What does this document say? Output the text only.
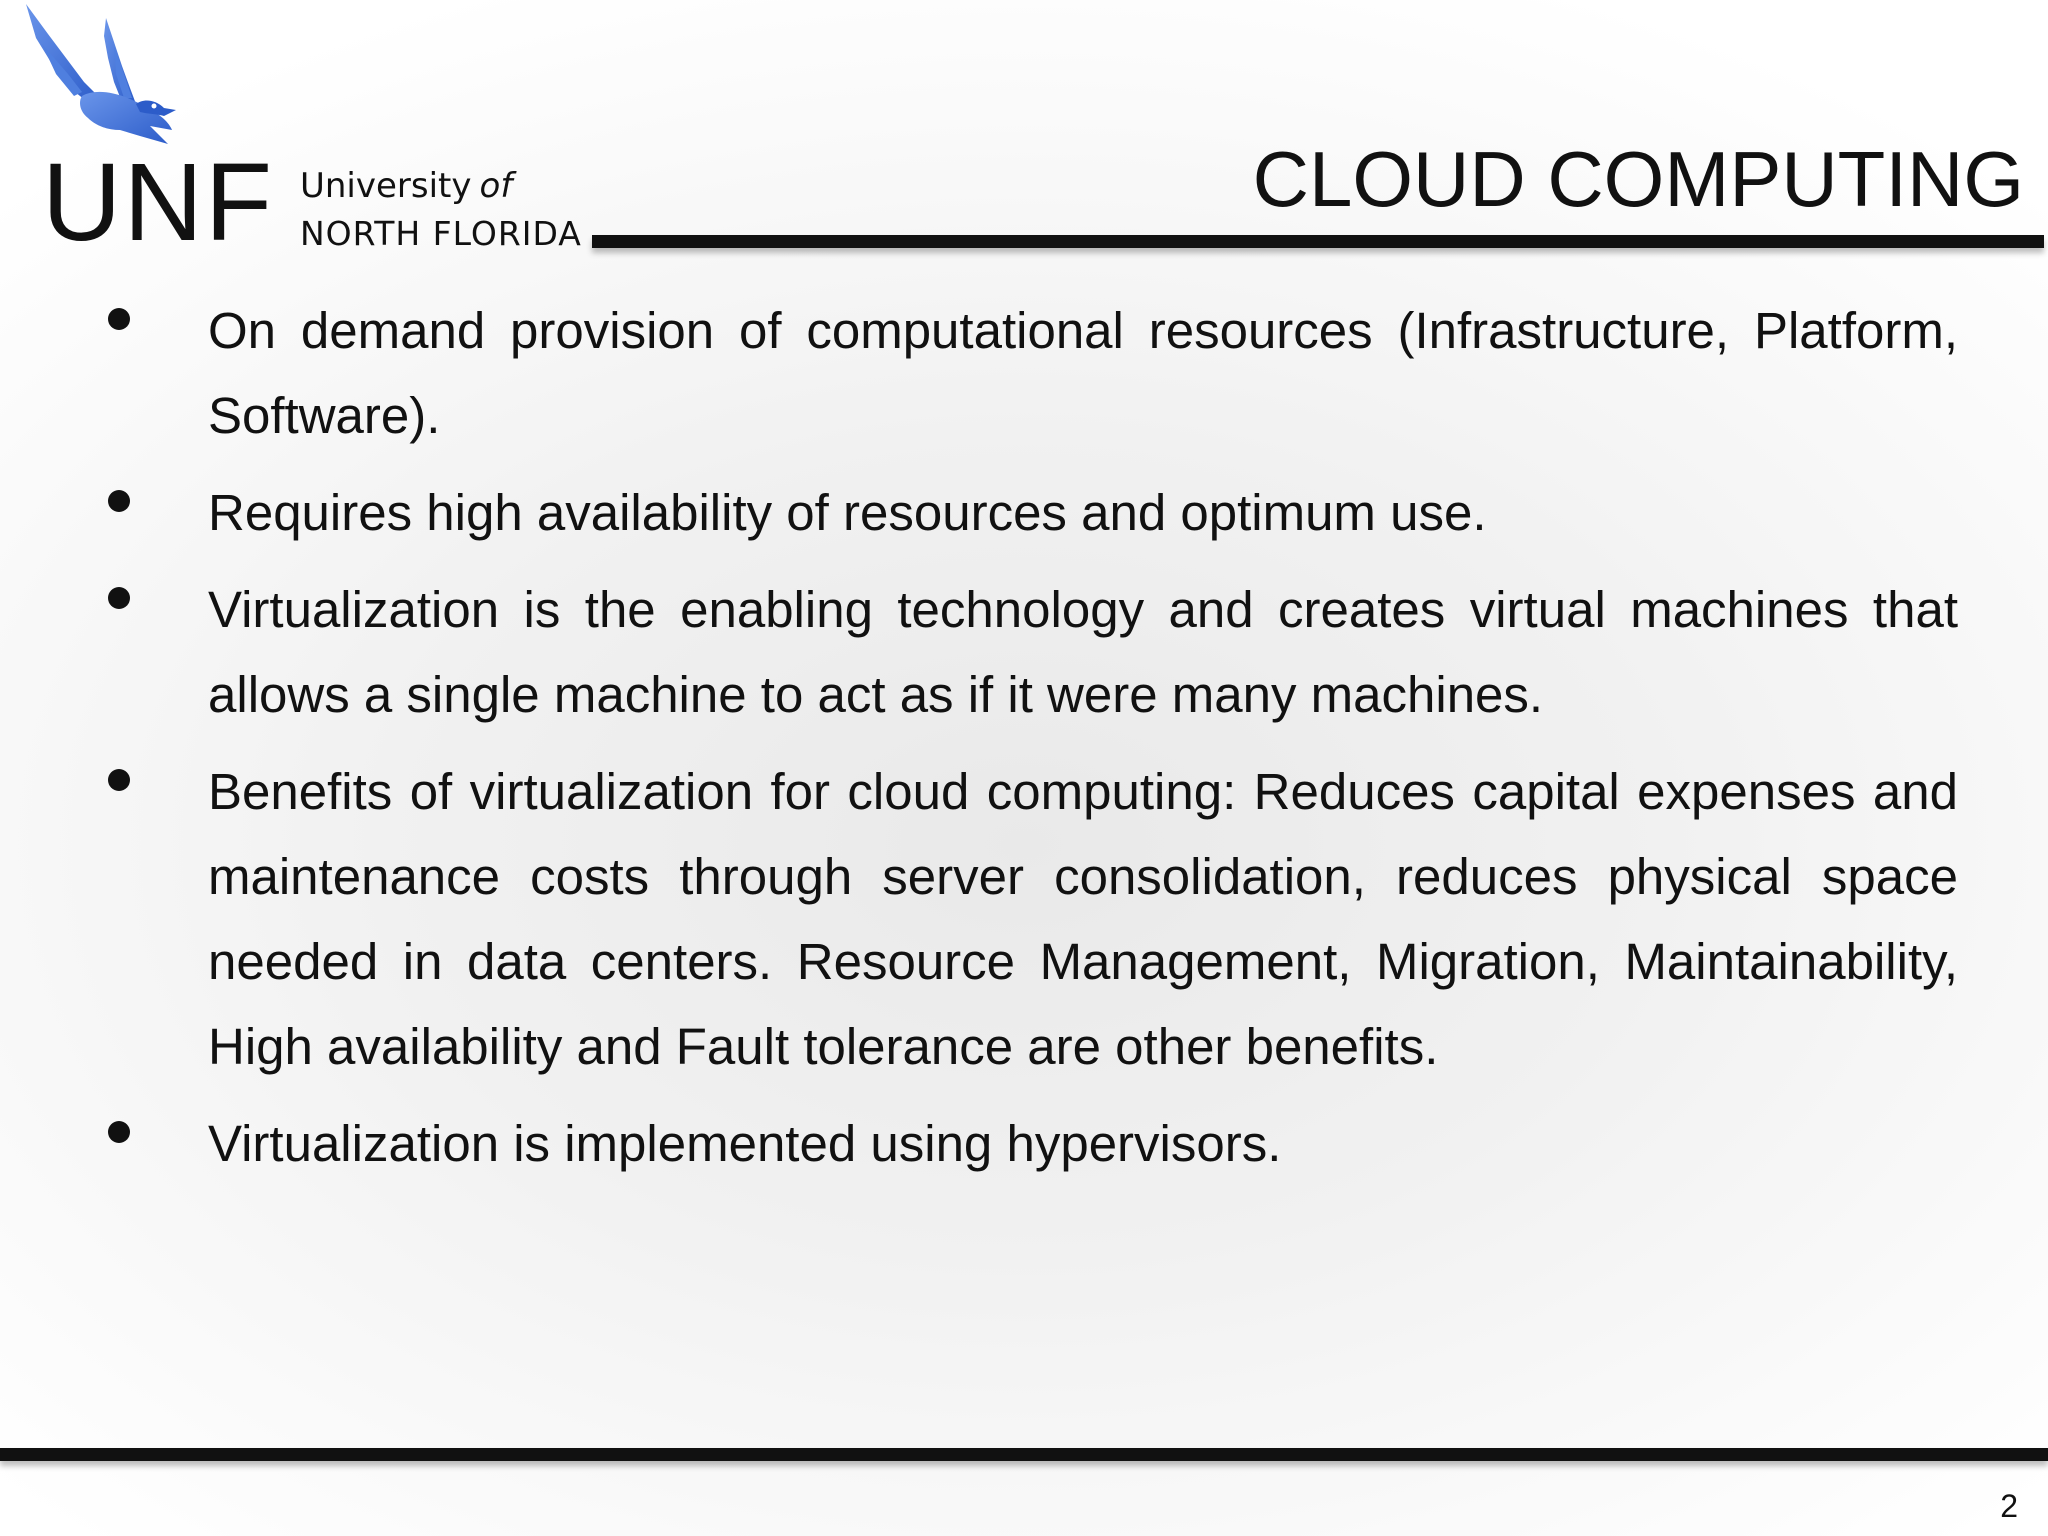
UNF University of
NORTH FLORIDA
CLOUD COMPUTING
On demand provision of computational resources (Infrastructure, Platform, Software).
Requires high availability of resources and optimum use.
Virtualization is the enabling technology and creates virtual machines that allows a single machine to act as if it were many machines.
Benefits of virtualization for cloud computing: Reduces capital expenses and maintenance costs through server consolidation, reduces physical space needed in data centers. Resource Management, Migration, Maintainability, High availability and Fault tolerance are other benefits.
Virtualization is implemented using hypervisors.
2
